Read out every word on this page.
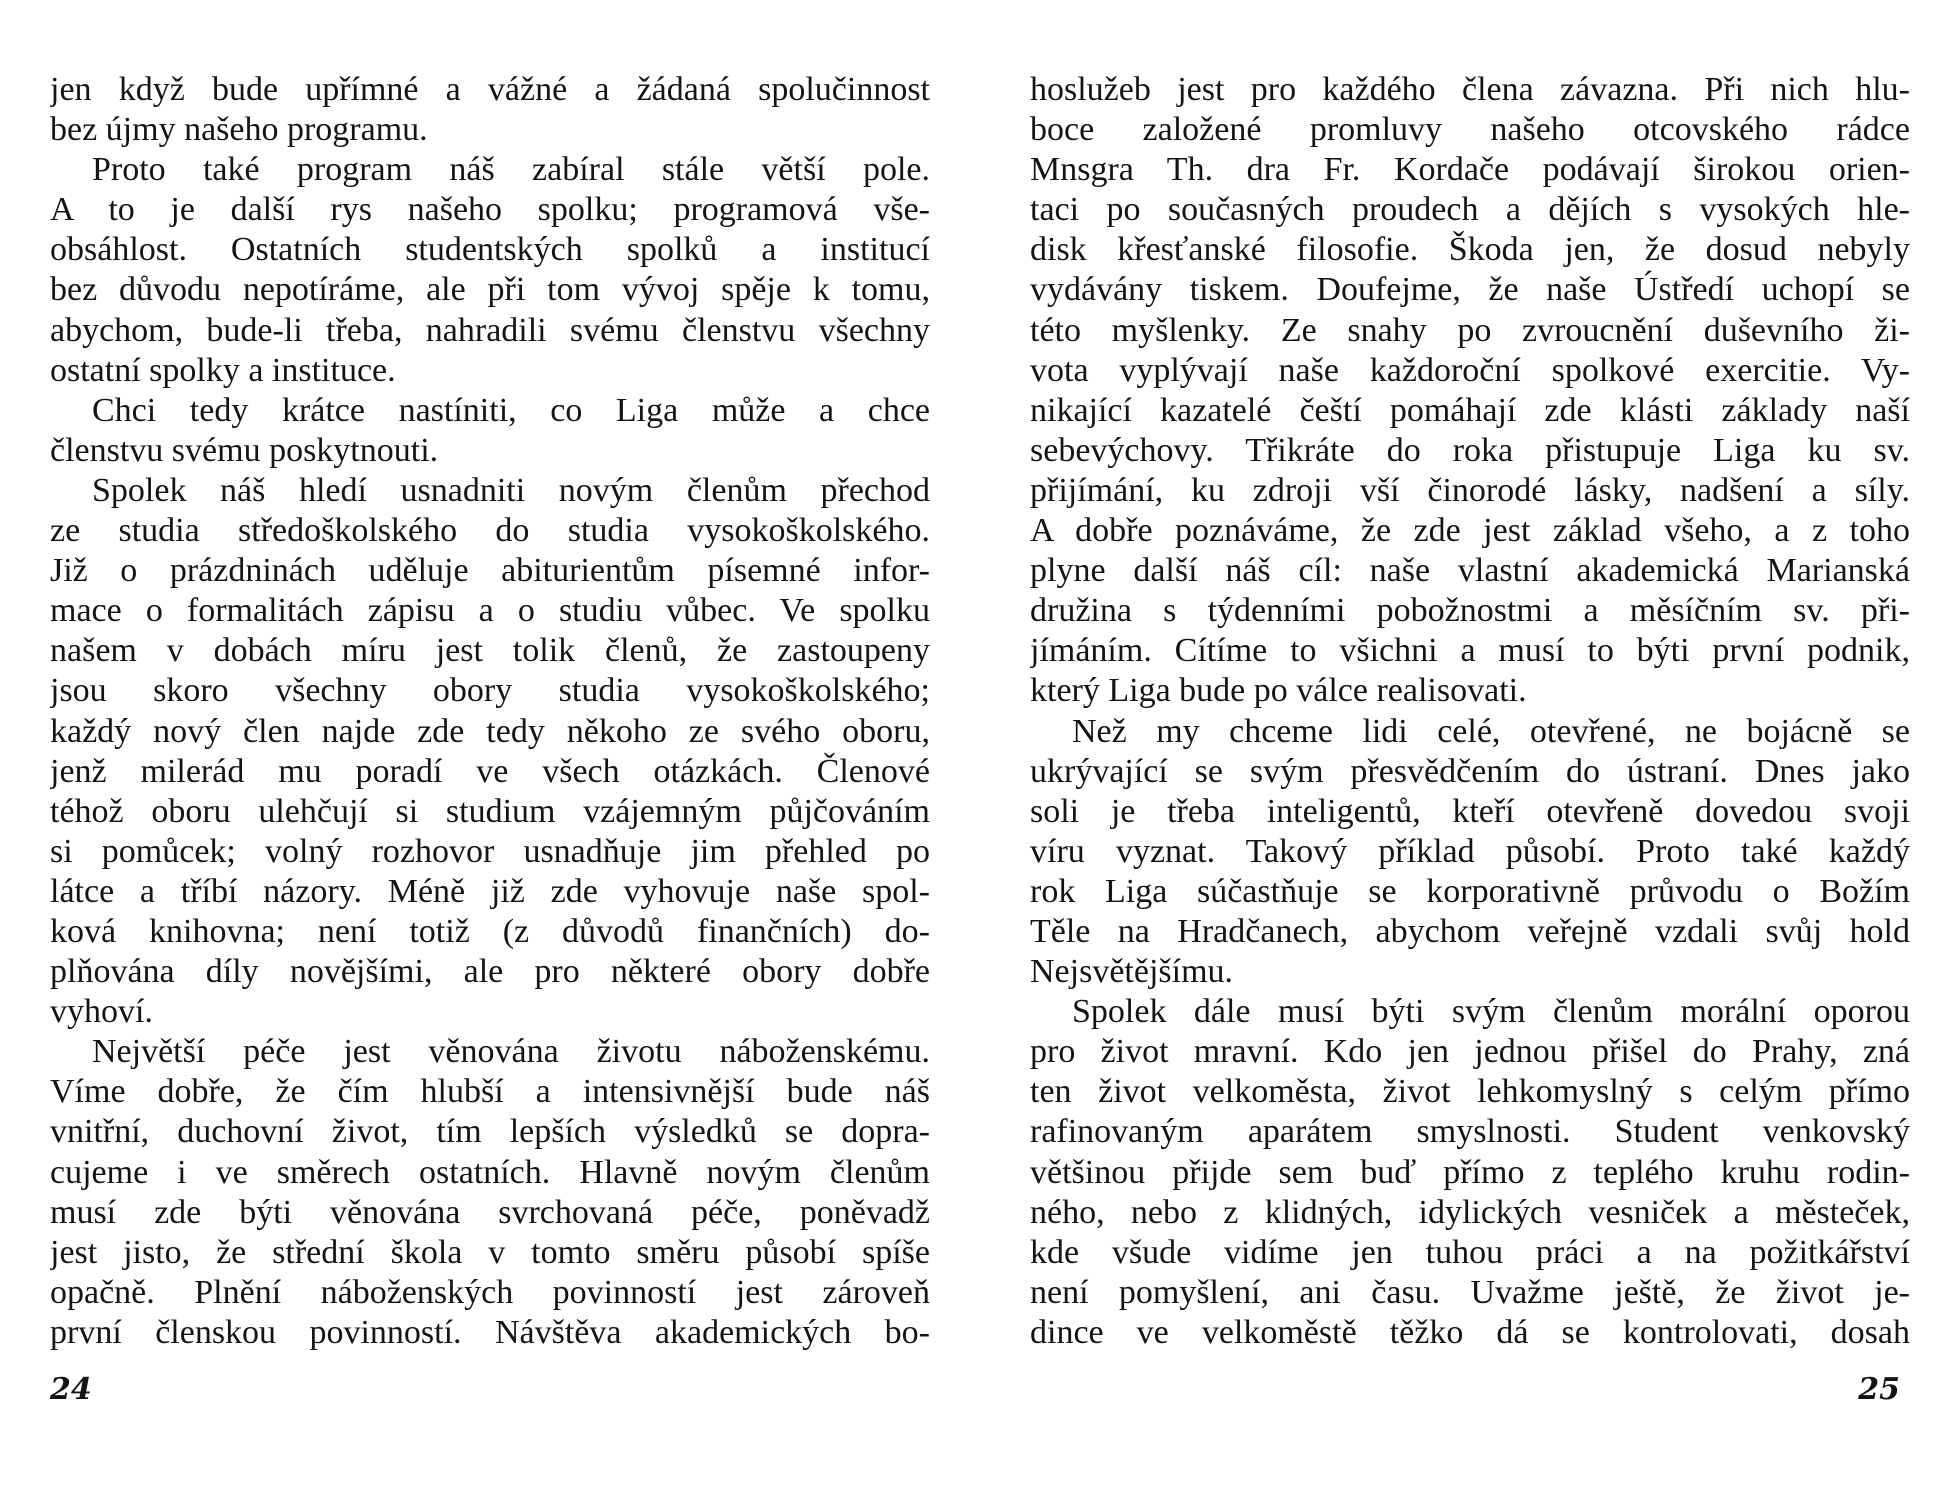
jen když bude upřímné a vážné a žádaná spolučinnost
bez újmy našeho programu.
Proto také program náš zabíral stále větší pole.
A to je další rys našeho spolku; programová vše-
obsáhlost. Ostatních studentských spolků a institucí
bez důvodu nepotíráme, ale při tom vývoj spěje k tomu,
abychom, bude-li třeba, nahradili svému členstvu všechny
ostatní spolky a instituce.
Chci tedy krátce nastíniti, co Liga může a chce
členstvu svému poskytnouti.
Spolek náš hledí usnadniti novým členům přechod
ze studia středoškolského do studia vysokoškolského.
Již o prázdninách uděluje abiturientům písemné infor-
mace o formalitách zápisu a o studiu vůbec. Ve spolku
našem v dobách míru jest tolik členů, že zastoupeny
jsou skoro všechny obory studia vysokoškolského;
každý nový člen najde zde tedy někoho ze svého oboru,
jenž milerád mu poradí ve všech otázkách. Členové
téhož oboru ulehčují si studium vzájemným půjčováním
si pomůcek; volný rozhovor usnadňuje jim přehled po
látce a tříbí názory. Méně již zde vyhovuje naše spol-
ková knihovna; není totiž (z důvodů finančních) do-
plňována díly novějšími, ale pro některé obory dobře
vyhoví.
Největší péče jest věnována životu náboženskému.
Víme dobře, že čím hlubší a intensivnější bude náš
vnitřní, duchovní život, tím lepších výsledků se dopra-
cujeme i ve směrech ostatních. Hlavně novým členům
musí zde býti věnována svrchovaná péče, poněvadž
jest jisto, že střední škola v tomto směru působí spíše
opačně. Plnění náboženských povinností jest zároveň
první členskou povinností. Návštěva akademických bo-
24
hoslužeb jest pro každého člena závazna. Při nich hlu-
boce založené promluvy našeho otcovského rádce
Mnsgra Th. dra Fr. Kordače podávají širokou orien-
taci po současných proudech a dějích s vysokých hle-
disk křesťanské filosofie. Škoda jen, že dosud nebyly
vydávány tiskem. Doufejme, že naše Ústředí uchopí se
této myšlenky. Ze snahy po zvroucnění duševního ži-
vota vyplývají naše každoroční spolkové exercitie. Vy-
nikající kazatelé čeští pomáhají zde klásti základy naší
sebevýchovy. Třikráte do roka přistupuje Liga ku sv.
přijímání, ku zdroji vší činorodé lásky, nadšení a síly.
A dobře poznáváme, že zde jest základ všeho, a z toho
plyne další náš cíl: naše vlastní akademická Marianská
družina s týdenními pobožnostmi a měsíčním sv. při-
jímáním. Cítíme to všichni a musí to býti první podnik,
který Liga bude po válce realisovati.
Než my chceme lidi celé, otevřené, ne bojácně se
ukrývající se svým přesvědčením do ústraní. Dnes jako
soli je třeba inteligentů, kteří otevřeně dovedou svoji
víru vyznat. Takový příklad působí. Proto také každý
rok Liga súčastňuje se korporativně průvodu o Božím
Těle na Hradčanech, abychom veřejně vzdali svůj hold
Nejsvětějšímu.
Spolek dále musí býti svým členům morální oporou
pro život mravní. Kdo jen jednou přišel do Prahy, zná
ten život velkoměsta, život lehkomyslný s celým přímo
rafinovaným aparátem smyslnosti. Student venkovský
většinou přijde sem buď přímo z teplého kruhu rodin-
ného, nebo z klidných, idylických vesniček a městeček,
kde všude vidíme jen tuhou práci a na požitkářství
není pomyšlení, ani času. Uvažme ještě, že život je-
dince ve velkoměstě těžko dá se kontrolovati, dosah
25
